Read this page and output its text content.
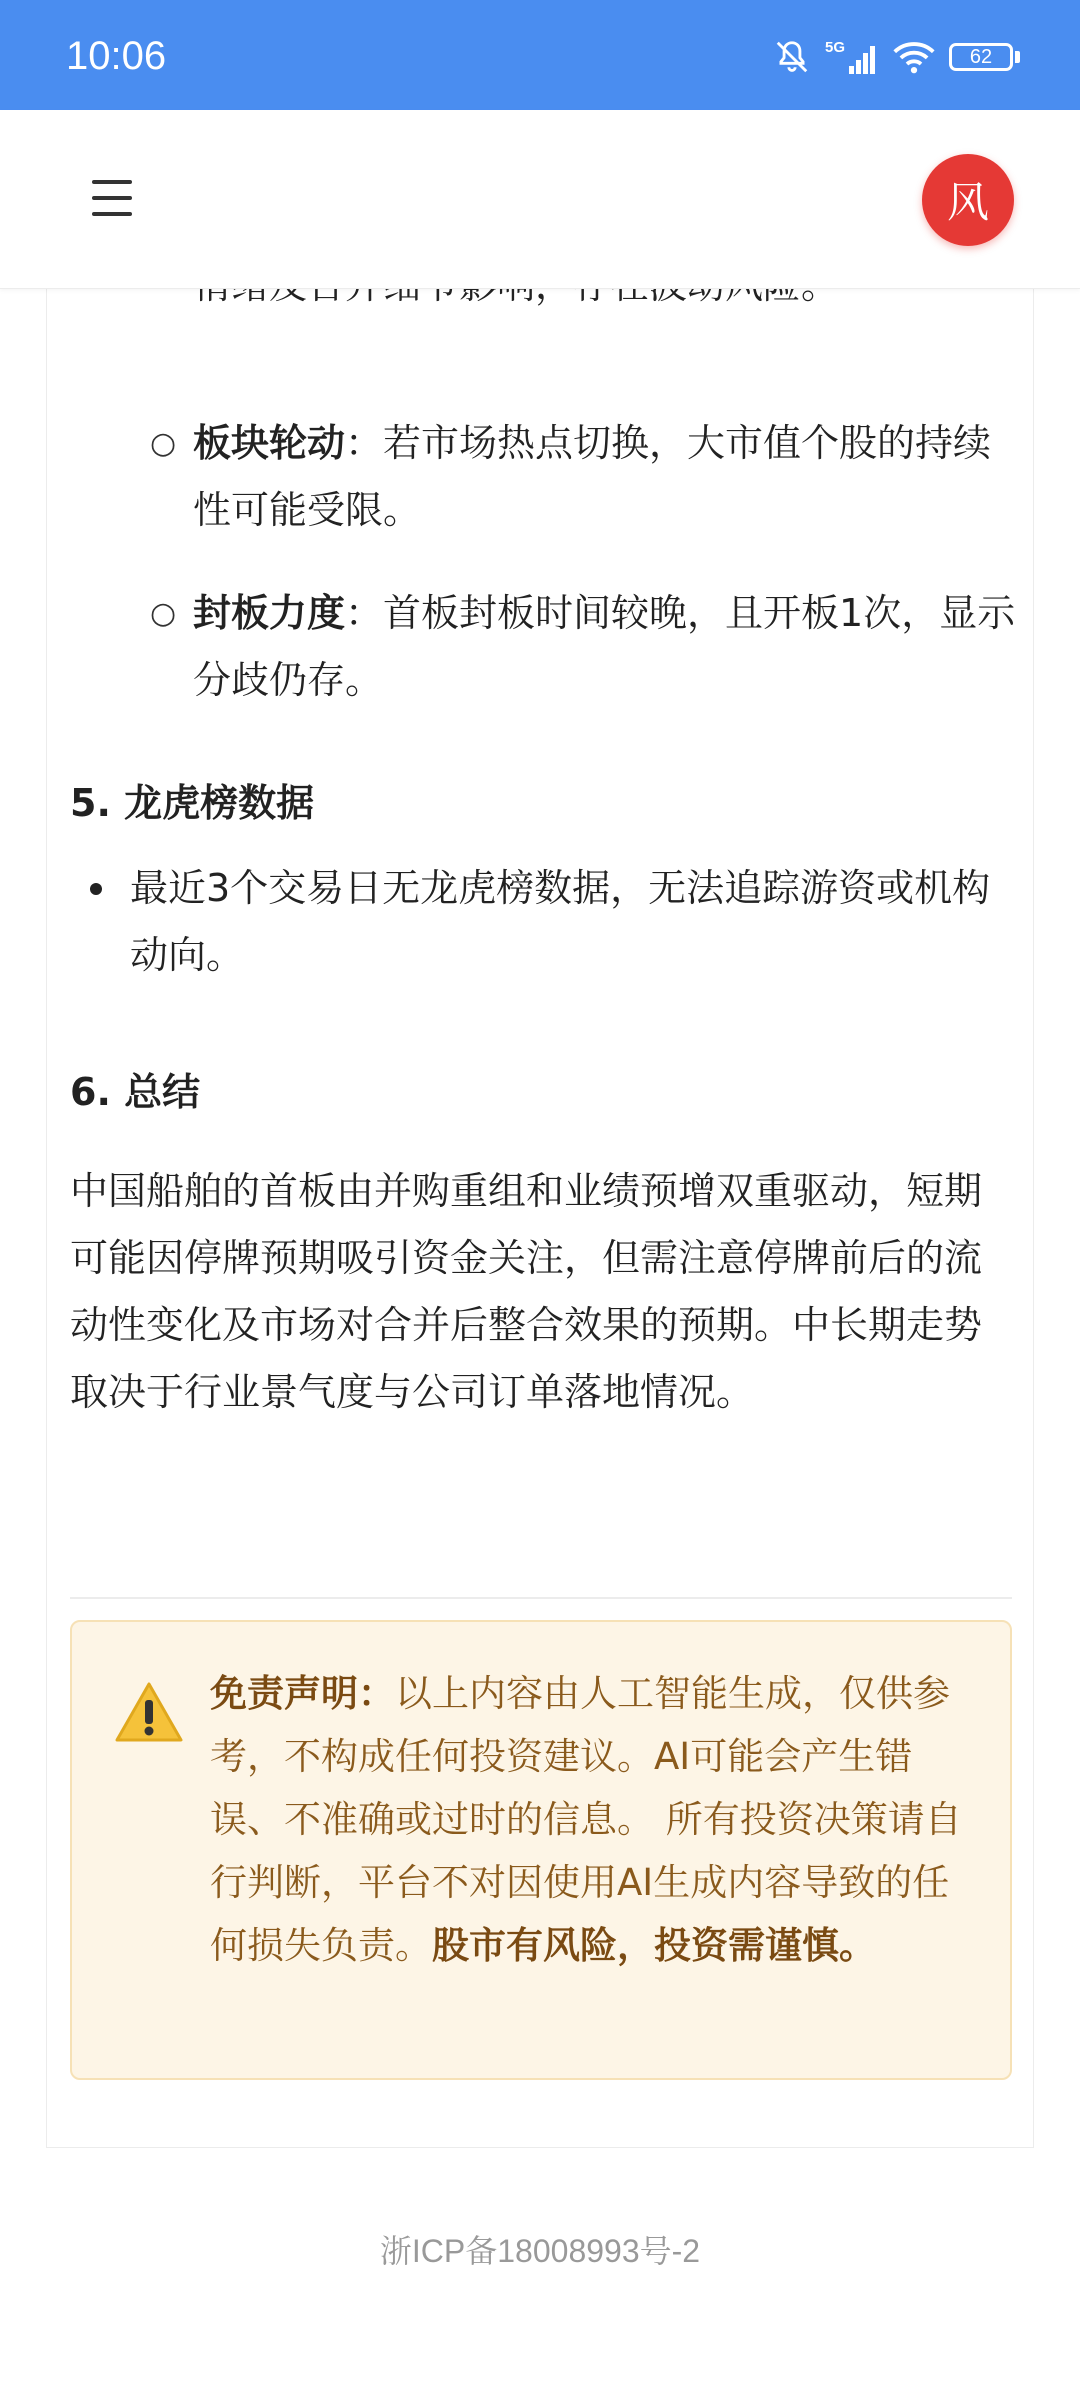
10:06	5G	62
○ 板块轮动：若市场热点切换，大市值个股的持续性可能受限。
○ 封板力度：首板封板时间较晚，且开板1次，显示分歧仍存。
5. 龙虎榜数据
最近3个交易日无龙虎榜数据，无法追踪游资或机构动向。
6. 总结
中国船舶的首板由并购重组和业绩预增双重驱动，短期可能因停牌预期吸引资金关注，但需注意停牌前后的流动性变化及市场对合并后整合效果的预期。中长期走势取决于行业景气度与公司订单落地情况。
免责声明：以上内容由人工智能生成，仅供参考，不构成任何投资建议。AI可能会产生错误、不准确或过时的信息。 所有投资决策请自行判断，平台不对因使用AI生成内容导致的任何损失负责。股市有风险，投资需谨慎。
风
浙ICP备18008993号-2
